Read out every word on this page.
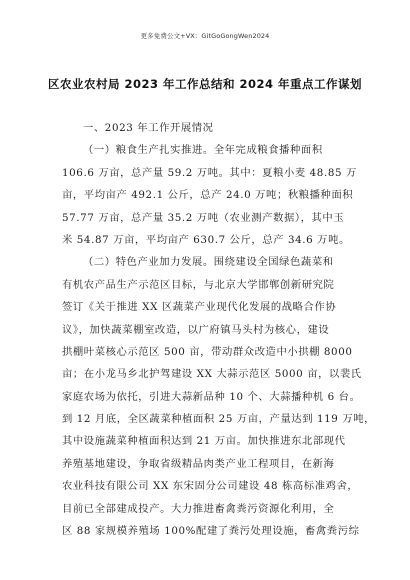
更多免费公文+VX：GitGoGongWen2024
区农业农村局 2023 年工作总结和 2024 年重点工作谋划
一、2023 年工作开展情况
（一）粮食生产扎实推进。全年完成粮食播种面积
106.6 万亩，总产量 59.2 万吨。其中：夏粮小麦 48.85 万
亩，平均亩产 492.1 公斤，总产 24.0 万吨；秋粮播种面积
57.77 万亩，总产量 35.2 万吨（农业测产数据），其中玉
米 54.87 万亩，平均亩产 630.7 公斤，总产 34.6 万吨。
（二）特色产业加力发展。围绕建设全国绿色蔬菜和
有机农产品生产示范区目标，与北京大学邯郸创新研究院
签订《关于推进 XX 区蔬菜产业现代化发展的战略合作协
议》，加快蔬菜棚室改造，以广府镇马头村为核心，建设
拱棚叶菜核心示范区 500 亩，带动群众改造中小拱棚 8000
亩；在小龙马乡北护驾建设 XX 大蒜示范区 5000 亩，以裴氏
家庭农场为依托，引进大蒜新品种 10 个、大蒜播种机 6 台。
到 12 月底，全区蔬菜种植面积 25 万亩，产量达到 119 万吨，
其中设施蔬菜种植面积达到 21 万亩。加快推进东北部现代
养殖基地建设，争取省级精品肉类产业工程项目，在新海
农业科技有限公司 XX 东宋固分公司建设 48 栋高标准鸡舍，
目前已全部建成投产。大力推进畜禽粪污资源化利用，全
区 88 家规模养殖场 100%配建了粪污处理设施，畜禽粪污综
